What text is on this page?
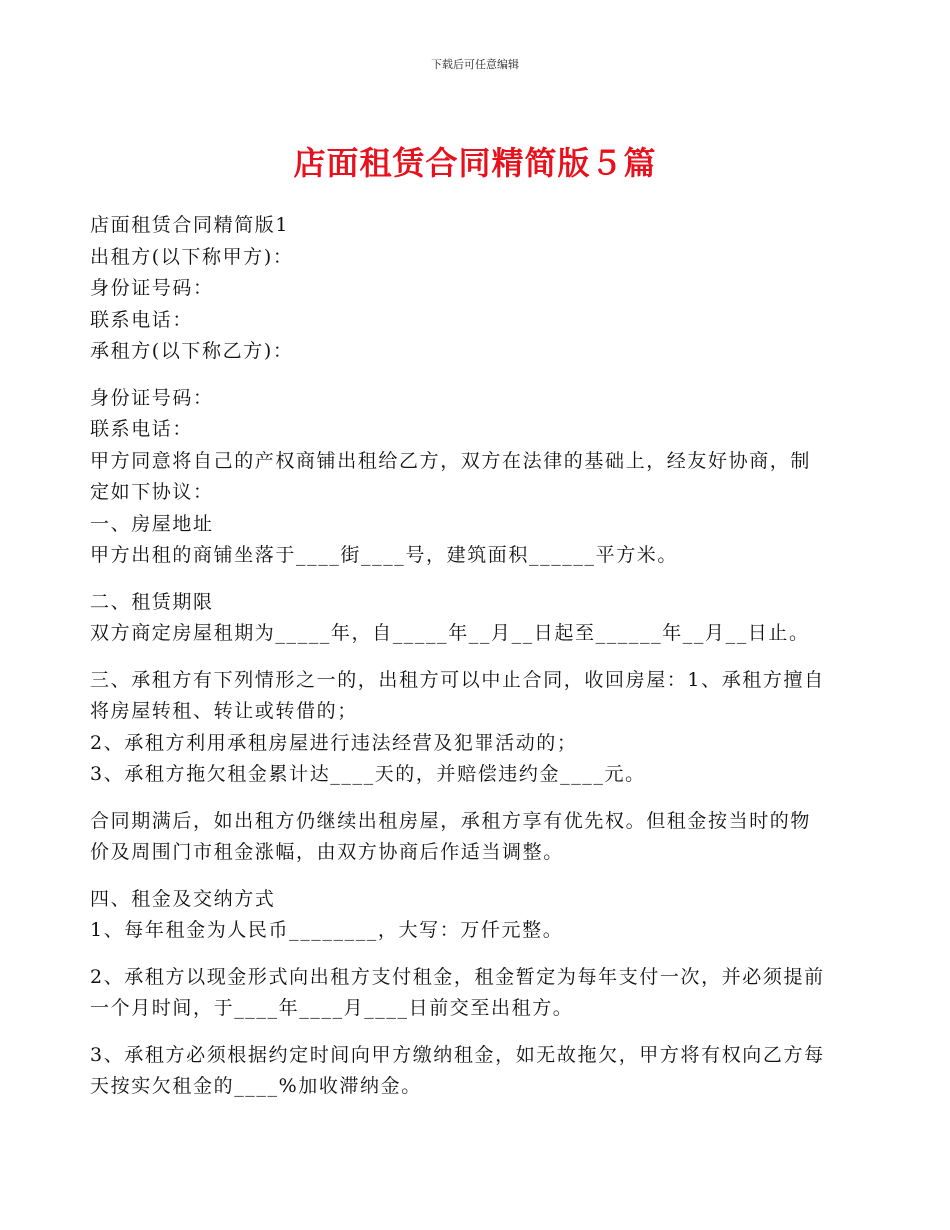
下载后可任意编辑
店面租赁合同精简版５篇
店面租赁合同精简版1
出租方(以下称甲方)：
身份证号码：
联系电话：
承租方(以下称乙方)：
身份证号码：
联系电话：
甲方同意将自己的产权商铺出租给乙方，双方在法律的基础上，经友好协商，制
定如下协议：
一、房屋地址
甲方出租的商铺坐落于____街____号，建筑面积______平方米。
二、租赁期限
双方商定房屋租期为_____年，自_____年__月__日起至______年__月__日止。
三、承租方有下列情形之一的，出租方可以中止合同，收回房屋：1、承租方擅自
将房屋转租、转让或转借的；
2、承租方利用承租房屋进行违法经营及犯罪活动的；
3、承租方拖欠租金累计达____天的，并赔偿违约金____元。
合同期满后，如出租方仍继续出租房屋，承租方享有优先权。但租金按当时的物
价及周围门市租金涨幅，由双方协商后作适当调整。
四、租金及交纳方式
1、每年租金为人民币________，大写：万仟元整。
2、承租方以现金形式向出租方支付租金，租金暂定为每年支付一次，并必须提前
一个月时间，于____年____月____日前交至出租方。
3、承租方必须根据约定时间向甲方缴纳租金，如无故拖欠，甲方将有权向乙方每
天按实欠租金的____%加收滞纳金。
